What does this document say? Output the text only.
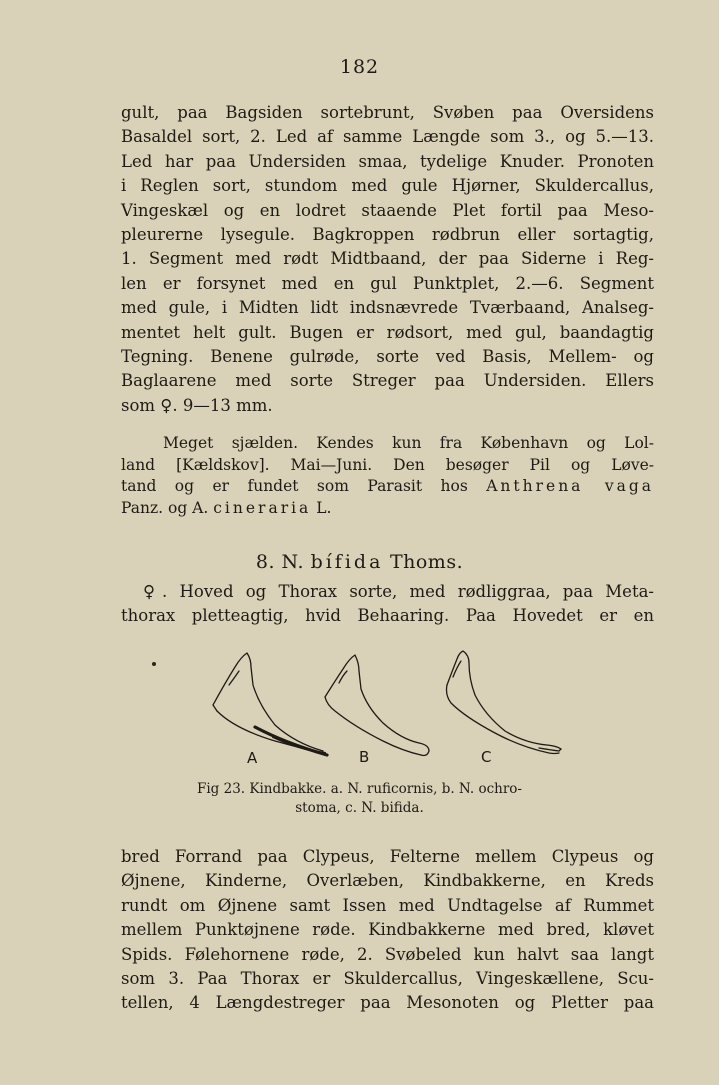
182

gult, paa Bagsiden sortebrunt, Svøben paa Oversidens
Basaldel sort, 2. Led af samme Længde som 3., og 5.—13.
Led har paa Undersiden smaa, tydelige Knuder. Pronoten
i Reglen sort, stundom med gule Hjørner, Skuldercallus,
Vingeskæl og en lodret staaende Plet fortil paa Meso-
pleurerne lysegule. Bagkroppen rødbrun eller sortagtig,
1. Segment med rødt Midtbaand, der paa Siderne i Reg-
len er forsynet med en gul Punktplet, 2.—6. Segment
med gule, i Midten lidt indsnævrede Tværbaand, Analseg-
mentet helt gult. Bugen er rødsort, med gul, baandagtig
Tegning. Benene gulrøde, sorte ved Basis, Mellem- og
Baglaarene med sorte Streger paa Undersiden. Ellers
som ♀. 9—13 mm.

Meget sjælden. Kendes kun fra København og Lol-
land [Kældskov]. Mai—Juni. Den besøger Pil og Løve-
tand og er fundet som Parasit hos Anthrena vaga
Panz. og A. cineraria L.

8. N. bífida Thoms.

♀. Hoved og Thorax sorte, med rødliggraa, paa Meta-
thorax pletteagtig, hvid Behaaring. Paa Hovedet er en

A	B	C
Fig 23. Kindbakke. a. N. ruficornis, b. N. ochro-
stoma, c. N. bifida.

bred Forrand paa Clypeus, Felterne mellem Clypeus og
Øjnene, Kinderne, Overlæben, Kindbakkerne, en Kreds
rundt om Øjnene samt Issen med Undtagelse af Rummet
mellem Punktøjnene røde. Kindbakkerne med bred, kløvet
Spids. Følehornene røde, 2. Svøbeled kun halvt saa langt
som 3. Paa Thorax er Skuldercallus, Vingeskællene, Scu-
tellen, 4 Længdestreger paa Mesonoten og Pletter paa
